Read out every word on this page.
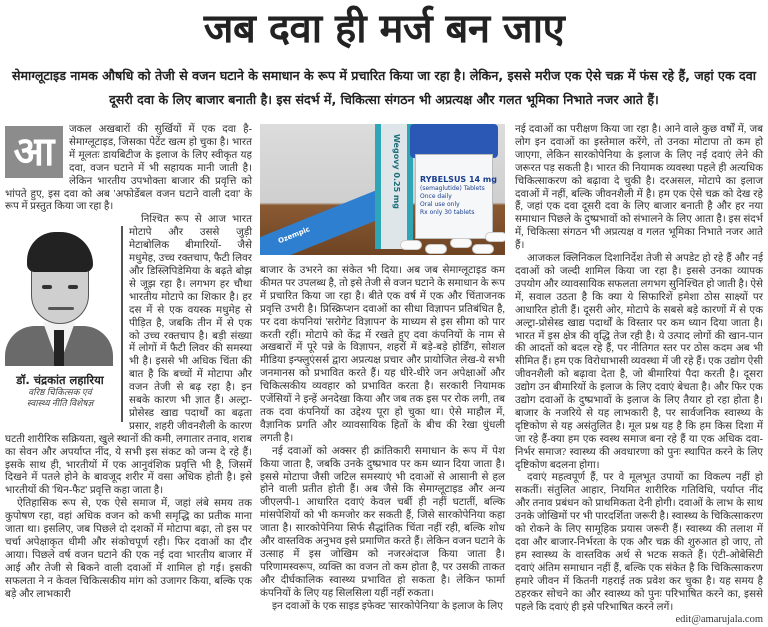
जब दवा ही मर्ज बन जाए
सेमाग्लूटाइड नामक औषधि को तेजी से वजन घटाने के समाधान के रूप में प्रचारित किया जा रहा है। लेकिन, इससे मरीज एक ऐसे चक्र में फंस रहे हैं, जहां एक दवा
दूसरी दवा के लिए बाजार बनाती है। इस संदर्भ में, चिकित्सा संगठन भी अप्रत्यक्ष और गलत भूमिका निभाते नजर आते हैं।
आ	जकल अखबारों की सुर्खियों में एक दवा है- सेमाग्लूटाइड, जिसका पेटेंट खत्म हो चुका है। भारत में मूलतः डायबिटीज के इलाज के लिए स्वीकृत यह दवा, वजन घटाने में भी सहायक मानी जाती है। लेकिन भारतीय उपभोक्ता बाजार की प्रवृत्ति को भांपते हुए, इस दवा को अब 'अफोर्डेबल वजन घटाने वाली दवा' के रूप में प्रस्तुत किया जा रहा है।

डॉ. चंद्रकांत लहारिया
वरिष्ठ चिकित्सक एवं
स्वास्थ्य नीति विशेषज्ञ

निश्चित रूप से आज भारत मोटापे और उससे जुड़ी मेटाबोलिक बीमारियों- जैसे मधुमेह, उच्च रक्तचाप, फैटी लिवर और डिस्लिपिडेमिया के बढ़ते बोझ से जूझ रहा है। लगभग हर चौथा भारतीय मोटापे का शिकार है। हर दस में से एक वयस्क मधुमेह से पीड़ित है, जबकि तीन में से एक को उच्च रक्तचाप है। बड़ी संख्या में लोगों में फैटी लिवर की समस्या भी है। इससे भी अधिक चिंता की बात है कि बच्चों में मोटापा और वजन तेजी से बढ़ रहा है। इन सबके कारण भी ज्ञात हैं। अल्ट्रा-प्रोसेस्ड खाद्य पदार्थों का बढ़ता प्रसार, शहरी जीवनशैली के कारण घटती शारीरिक सक्रियता, खुले स्थानों की कमी, लगातार तनाव, शराब का सेवन और अपर्याप्त नींद, ये सभी इस संकट को जन्म दे रहे हैं। इसके साथ ही, भारतीयों में एक आनुवंशिक प्रवृत्ति भी है, जिसमें दिखने में पतले होने के बावजूद शरीर में वसा अधिक होती है। इसे भारतीयों की 'थिन-फैट' प्रवृत्ति कहा जाता है।

ऐतिहासिक रूप से, एक ऐसे समाज में, जहां लंबे समय तक कुपोषण रहा, वहां अधिक वजन को कभी समृद्धि का प्रतीक माना जाता था। इसलिए, जब पिछले दो दशकों में मोटापा बढ़ा, तो इस पर चर्चा अपेक्षाकृत धीमी और संकोचपूर्ण रही। फिर दवाओं का दौर आया। पिछले वर्ष वजन घटाने की एक नई दवा भारतीय बाजार में आई और तेजी से बिकने वाली दवाओं में शामिल हो गई। इसकी सफलता ने न केवल चिकित्सकीय मांग को उजागर किया, बल्कि एक बड़े और लाभकारी

Ozempic
Wegovy 0.25 mg RYBELSUS 14 mg
(semaglutide) Tablets
Once daily
Oral use only
Rx only 30 tablets

बाजार के उभरने का संकेत भी दिया। अब जब सेमाग्लूटाइड कम कीमत पर उपलब्ध है, तो इसे तेजी से वजन घटाने के समाधान के रूप में प्रचारित किया जा रहा है। बीते एक वर्ष में एक और चिंताजनक प्रवृत्ति उभरी है। प्रिस्क्रिप्शन दवाओं का सीधा विज्ञापन प्रतिबंधित है, पर दवा कंपनियां 'सरोगेट विज्ञापन' के माध्यम से इस सीमा को पार करती रहीं। मोटापे को केंद्र में रखते हुए दवा कंपनियों के नाम से अखबारों में पूरे पन्ने के विज्ञापन, शहरों में बड़े-बड़े होर्डिंग, सोशल मीडिया इन्फ्लुएंसर्स द्वारा अप्रत्यक्ष प्रचार और प्रायोजित लेख-ये सभी जनमानस को प्रभावित करते हैं। यह धीरे-धीरे जन अपेक्षाओं और चिकित्सकीय व्यवहार को प्रभावित करता है। सरकारी नियामक एजेंसियों ने इन्हें अनदेखा किया और जब तक इस पर रोक लगी, तब तक दवा कंपनियों का उद्देश्य पूरा हो चुका था। ऐसे माहौल में, वैज्ञानिक प्रगति और व्यावसायिक हितों के बीच की रेखा धुंधली लगती है।

नई दवाओं को अक्सर ही क्रांतिकारी समाधान के रूप में पेश किया जाता है, जबकि उनके दुष्प्रभाव पर कम ध्यान दिया जाता है। इससे मोटापा जैसी जटिल समस्याएं भी दवाओं से आसानी से हल होने वाली प्रतीत होती हैं। अब जैसे कि सेमाग्लूटाइड और अन्य जीएलपी-1 आधारित दवाएं केवल चर्बी ही नहीं घटातीं, बल्कि मांसपेशियों को भी कमजोर कर सकती हैं, जिसे सारकोपेनिया कहा जाता है। सारकोपेनिया सिर्फ सैद्धांतिक चिंता नहीं रही, बल्कि शोध और वास्तविक अनुभव इसे प्रमाणित करते हैं। लेकिन वजन घटाने के उत्साह में इस जोखिम को नजरअंदाज किया जाता है। परिणामस्वरूप, व्यक्ति का वजन तो कम होता है, पर उसकी ताकत और दीर्घकालिक स्वास्थ्य प्रभावित हो सकता है। लेकिन फार्मा कंपनियों के लिए यह सिलसिला यहीं नहीं रुकता।

इन दवाओं के एक साइड इफेक्ट 'सारकोपेनिया' के इलाज के लिए

नई दवाओं का परीक्षण किया जा रहा है। आने वाले कुछ वर्षों में, जब लोग इन दवाओं का इस्तेमाल करेंगे, तो उनका मोटापा तो कम हो जाएगा, लेकिन सारकोपेनिया के इलाज के लिए नई दवाएं लेने की जरूरत पड़ सकती है। भारत की नियामक व्यवस्था पहले ही अत्यधिक चिकित्साकरण को बढ़ावा दे चुकी है। दरअसल, मोटापे का इलाज दवाओं में नहीं, बल्कि जीवनशैली में है। हम एक ऐसे चक्र को देख रहे हैं, जहां एक दवा दूसरी दवा के लिए बाजार बनाती है और हर नया समाधान पिछले के दुष्प्रभावों को संभालने के लिए आता है। इस संदर्भ में, चिकित्सा संगठन भी अप्रत्यक्ष व गलत भूमिका निभाते नजर आते हैं।

आजकल क्लिनिकल दिशानिर्देश तेजी से अपडेट हो रहे हैं और नई दवाओं को जल्दी शामिल किया जा रहा है। इससे उनका व्यापक उपयोग और व्यावसायिक सफलता लगभग सुनिश्चित हो जाती है। ऐसे में, सवाल उठता है कि क्या ये सिफारिशें हमेशा ठोस साक्ष्यों पर आधारित होती हैं। दूसरी ओर, मोटापे के सबसे बड़े कारणों में से एक अल्ट्रा-प्रोसेस्ड खाद्य पदार्थों के विस्तार पर कम ध्यान दिया जाता है। भारत में इस क्षेत्र की वृद्धि तेज रही है। ये उत्पाद लोगों की खान-पान की आदतों को बदल रहे हैं, पर नीतिगत स्तर पर ठोस कदम अब भी सीमित हैं। हम एक विरोधाभासी व्यवस्था में जी रहे हैं। एक उद्योग ऐसी जीवनशैली को बढ़ावा देता है, जो बीमारियां पैदा करती है। दूसरा उद्योग उन बीमारियों के इलाज के लिए दवाएं बेचता है। और फिर एक उद्योग दवाओं के दुष्प्रभावों के इलाज के लिए तैयार हो रहा होता है। बाजार के नजरिये से यह लाभकारी है, पर सार्वजनिक स्वास्थ्य के दृष्टिकोण से यह असंतुलित है। मूल प्रश्न यह है कि हम किस दिशा में जा रहे हैं-क्या हम एक स्वस्थ समाज बना रहे हैं या एक अधिक दवा-निर्भर समाज? स्वास्थ्य की अवधारणा को पुनः स्थापित करने के लिए दृष्टिकोण बदलना होगा।

दवाएं महत्वपूर्ण हैं, पर वे मूलभूत उपायों का विकल्प नहीं हो सकतीं। संतुलित आहार, नियमित शारीरिक गतिविधि, पर्याप्त नींद और तनाव प्रबंधन को प्राथमिकता देनी होगी। दवाओं के लाभ के साथ उनके जोखिमों पर भी पारदर्शिता जरूरी है। स्वास्थ्य के चिकित्साकरण को रोकने के लिए सामूहिक प्रयास जरूरी हैं। स्वास्थ्य की तलाश में दवा और बाजार-निर्भरता के एक और चक्र की शुरुआत हो जाए, तो हम स्वास्थ्य के वास्तविक अर्थ से भटक सकते हैं। एंटी-ओबेसिटी दवाएं अंतिम समाधान नहीं हैं, बल्कि एक संकेत है कि चिकित्साकरण हमारे जीवन में कितनी गहराई तक प्रवेश कर चुका है। यह समय है ठहरकर सोचने का और स्वास्थ्य को पुनः परिभाषित करने का, इससे पहले कि दवाएं ही इसे परिभाषित करने लगें।

edit@amarujala.com
